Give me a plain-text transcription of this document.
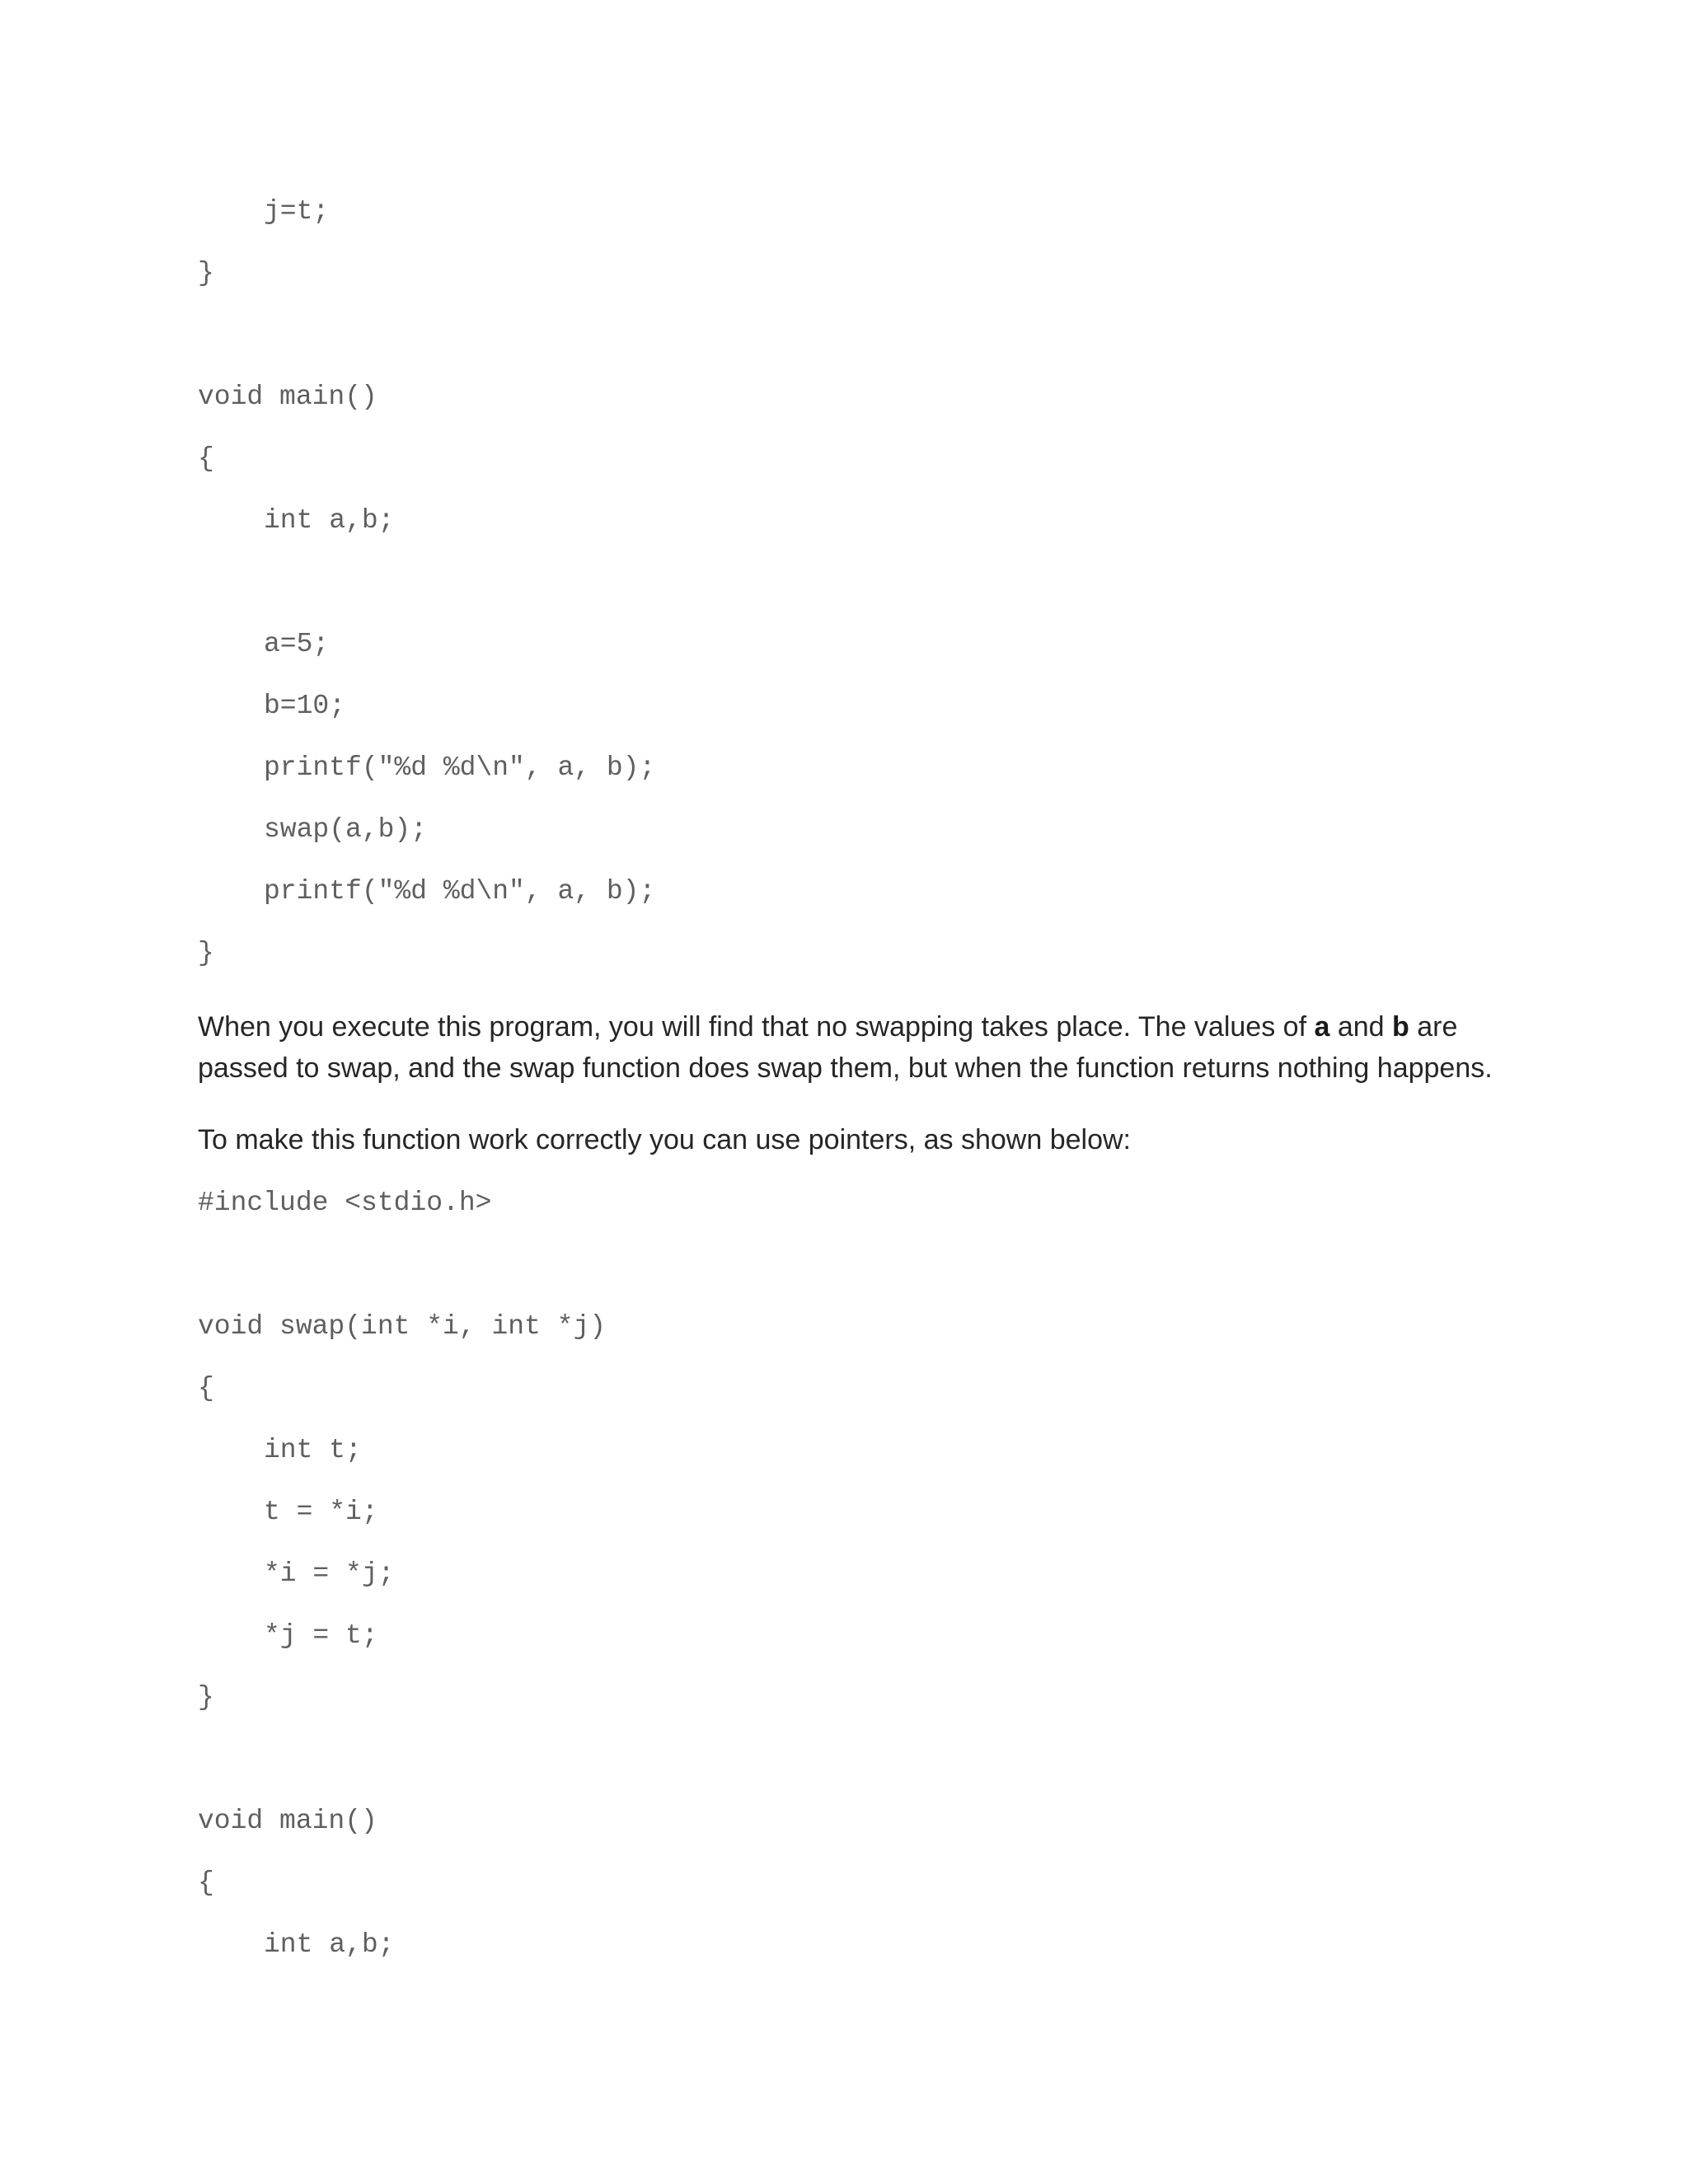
j=t;
}
void main()
{
int a,b;
a=5;
b=10;
printf("%d %d\n", a, b);
swap(a,b);
printf("%d %d\n", a, b);
}

When you execute this program, you will find that no swapping takes place. The values of a and b are passed to swap, and the swap function does swap them, but when the function returns nothing happens.

To make this function work correctly you can use pointers, as shown below:

#include <stdio.h>
void swap(int *i, int *j)
{
int t;
t = *i;
*i = *j;
*j = t;
}
void main()
{
int a,b;
